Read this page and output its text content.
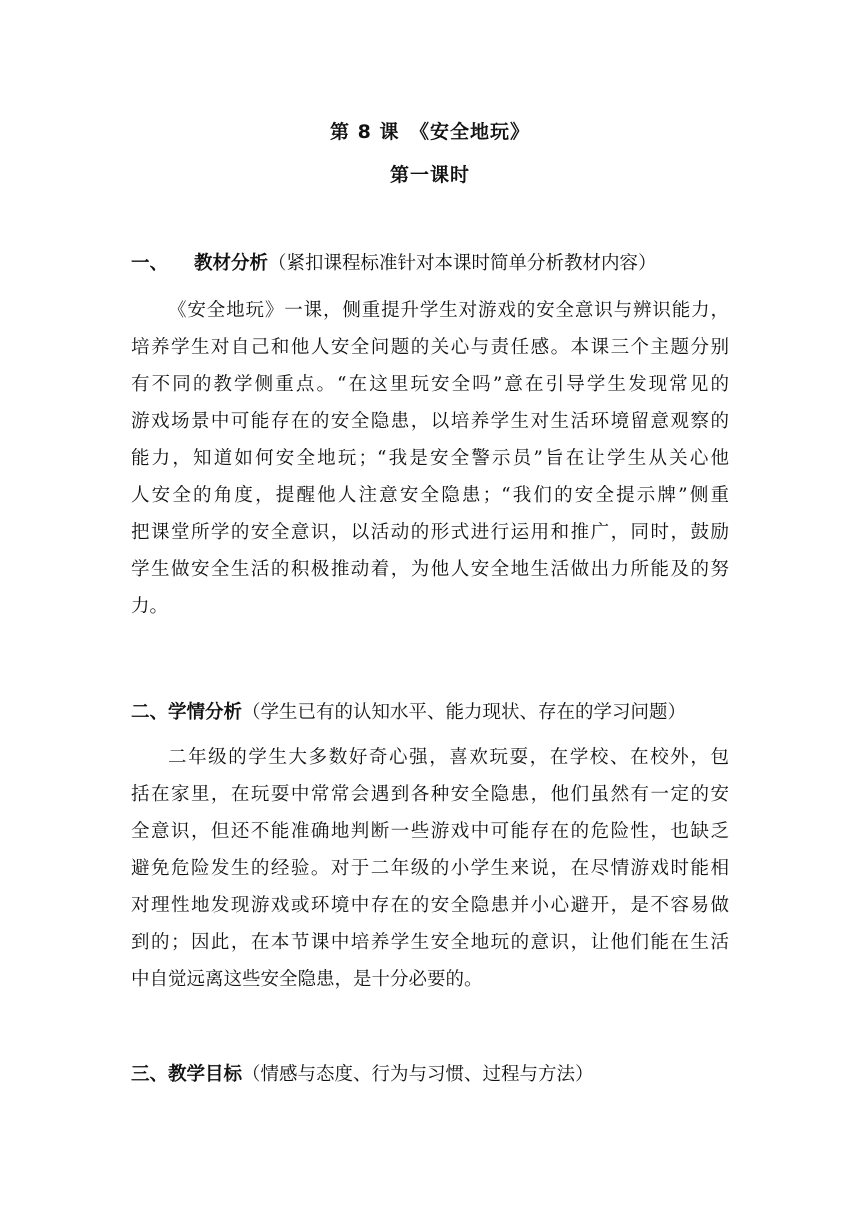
第 8 课　《安全地玩》
第一课时
一、 教材分析（紧扣课程标准针对本课时简单分析教材内容）
《安全地玩》一课，侧重提升学生对游戏的安全意识与辨识能力，
培养学生对自己和他人安全问题的关心与责任感。本课三个主题分别
有不同的教学侧重点。“在这里玩安全吗”意在引导学生发现常见的
游戏场景中可能存在的安全隐患，以培养学生对生活环境留意观察的
能力，知道如何安全地玩；“我是安全警示员”旨在让学生从关心他
人安全的角度，提醒他人注意安全隐患；“我们的安全提示牌”侧重
把课堂所学的安全意识，以活动的形式进行运用和推广，同时，鼓励
学生做安全生活的积极推动着，为他人安全地生活做出力所能及的努
力。
二、学情分析（学生已有的认知水平、能力现状、存在的学习问题）
二年级的学生大多数好奇心强，喜欢玩耍，在学校、在校外，包
括在家里，在玩耍中常常会遇到各种安全隐患，他们虽然有一定的安
全意识，但还不能准确地判断一些游戏中可能存在的危险性，也缺乏
避免危险发生的经验。对于二年级的小学生来说，在尽情游戏时能相
对理性地发现游戏或环境中存在的安全隐患并小心避开，是不容易做
到的；因此，在本节课中培养学生安全地玩的意识，让他们能在生活
中自觉远离这些安全隐患，是十分必要的。
三、教学目标（情感与态度、行为与习惯、过程与方法）
